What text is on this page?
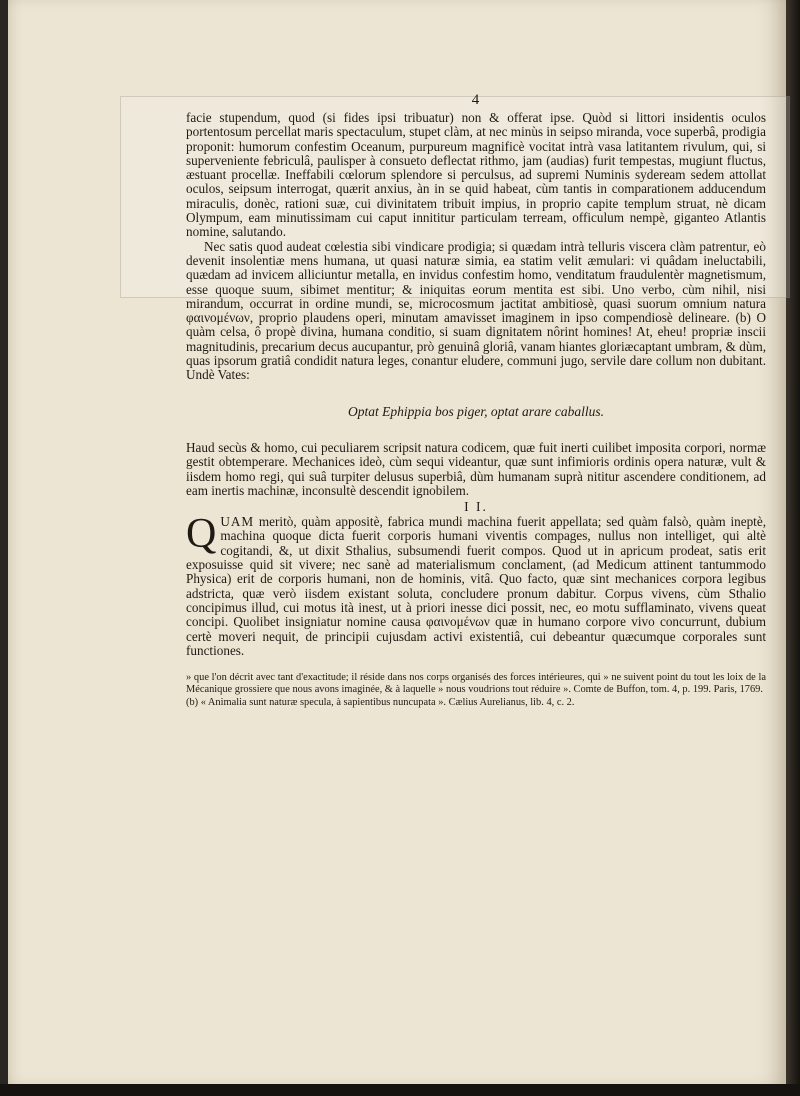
4

facie stupendum, quod (si fides ipsi tribuatur) non & offerat ipse. Quòd si littori insidentis oculos portentosum percellat maris spectaculum, stupet clàm, at nec minùs in seipso miranda, voce superbâ, prodigia proponit: humorum confestim Oceanum, purpureum magnificè vocitat intrà vasa latitantem rivulum, qui, si superveniente febriculâ, paulisper à consueto deflectat rithmo, jam (audias) furit tempestas, mugiunt fluctus, æstuant procellæ. Ineffabili cœlorum splendore si perculsus, ad supremi Numinis sydeream sedem attollat oculos, seipsum interrogat, quærit anxius, àn in se quid habeat, cùm tantis in comparationem adducendum miraculis, donèc, rationi suæ, cui divinitatem tribuit impius, in proprio capite templum struat, nè dicam Olympum, eam minutissimam cui caput innititur particulam terream, officulum nempè, giganteo Atlantis nomine, salutando.

Nec satis quod audeat cœlestia sibi vindicare prodigia; si quædam intrà telluris viscera clàm patrentur, eò devenit insolentiæ mens humana, ut quasi naturæ simia, ea statim velit æmulari: vi quâdam ineluctabili, quædam ad invicem alliciuntur metalla, en invidus confestim homo, venditatum fraudulentèr magnetismum, esse quoque suum, sibimet mentitur; & iniquitas eorum mentita est sibi. Uno verbo, cùm nihil, nisi mirandum, occurrat in ordine mundi, se, microcosmum jactitat ambitiosè, quasi suorum omnium natura φαινομένων, proprio plaudens operi, minutam amavisset imaginem in ipso compendiosè delineare. (b) O quàm celsa, ô propè divina, humana conditio, si suam dignitatem nôrint homines! At, eheu! propriæ inscii magnitudinis, precarium decus aucupantur, prò genuinâ gloriâ, vanam hiantes gloriæcaptant umbram, & dùm, quas ipsorum gratiâ condidit natura leges, conantur eludere, communi jugo, servile dare collum non dubitant. Undè Vates:

Optat Ephippia bos piger, optat arare caballus.

Haud secùs & homo, cui peculiarem scripsit natura codicem, quæ fuit inerti cuilibet imposita corpori, normæ gestit obtemperare. Mechanices ideò, cùm sequi videantur, quæ sunt infimioris ordinis opera naturæ, vult & iisdem homo regi, qui suâ turpiter delusus superbiâ, dùm humanam suprà nititur ascendere conditionem, ad eam inertis machinæ, inconsultè descendit ignobilem.

I I.

QUAM meritò, quàm appositè, fabrica mundi machina fuerit appellata; sed quàm falsò, quàm ineptè, machina quoque dicta fuerit corporis humani viventis compages, nullus non intelliget, qui altè cogitandi, &, ut dixit Sthalius, subsumendi fuerit compos. Quod ut in apricum prodeat, satis erit exposuisse quid sit vivere; nec sanè ad materialismum conclament, (ad Medicum attinent tantummodo Physica) erit de corporis humani, non de hominis, vitâ. Quo facto, quæ sint mechanices corpora legibus adstricta, quæ verò iisdem existant soluta, concludere pronum dabitur. Corpus vivens, cùm Sthalio concipimus illud, cui motus ità inest, ut à priori inesse dici possit, nec, eo motu sufflaminato, vivens queat concipi. Quolibet insigniatur nomine causa φαινομένων quæ in humano corpore vivo concurrunt, dubium certè moveri nequit, de principii cujusdam activi existentiâ, cui debeantur quæcumque corporales sunt functiones.

» que l'on décrit avec tant d'exactitude; il réside dans nos corps organisés des forces intérieures, qui » ne suivent point du tout les loix de la Mécanique grossiere que nous avons imaginée, & à laquelle » nous voudrions tout réduire ». Comte de Buffon, tom. 4, p. 199. Paris, 1769.

(b) « Animalia sunt naturæ specula, à sapientibus nuncupata ». Cælius Aurelianus, lib. 4, c. 2.
